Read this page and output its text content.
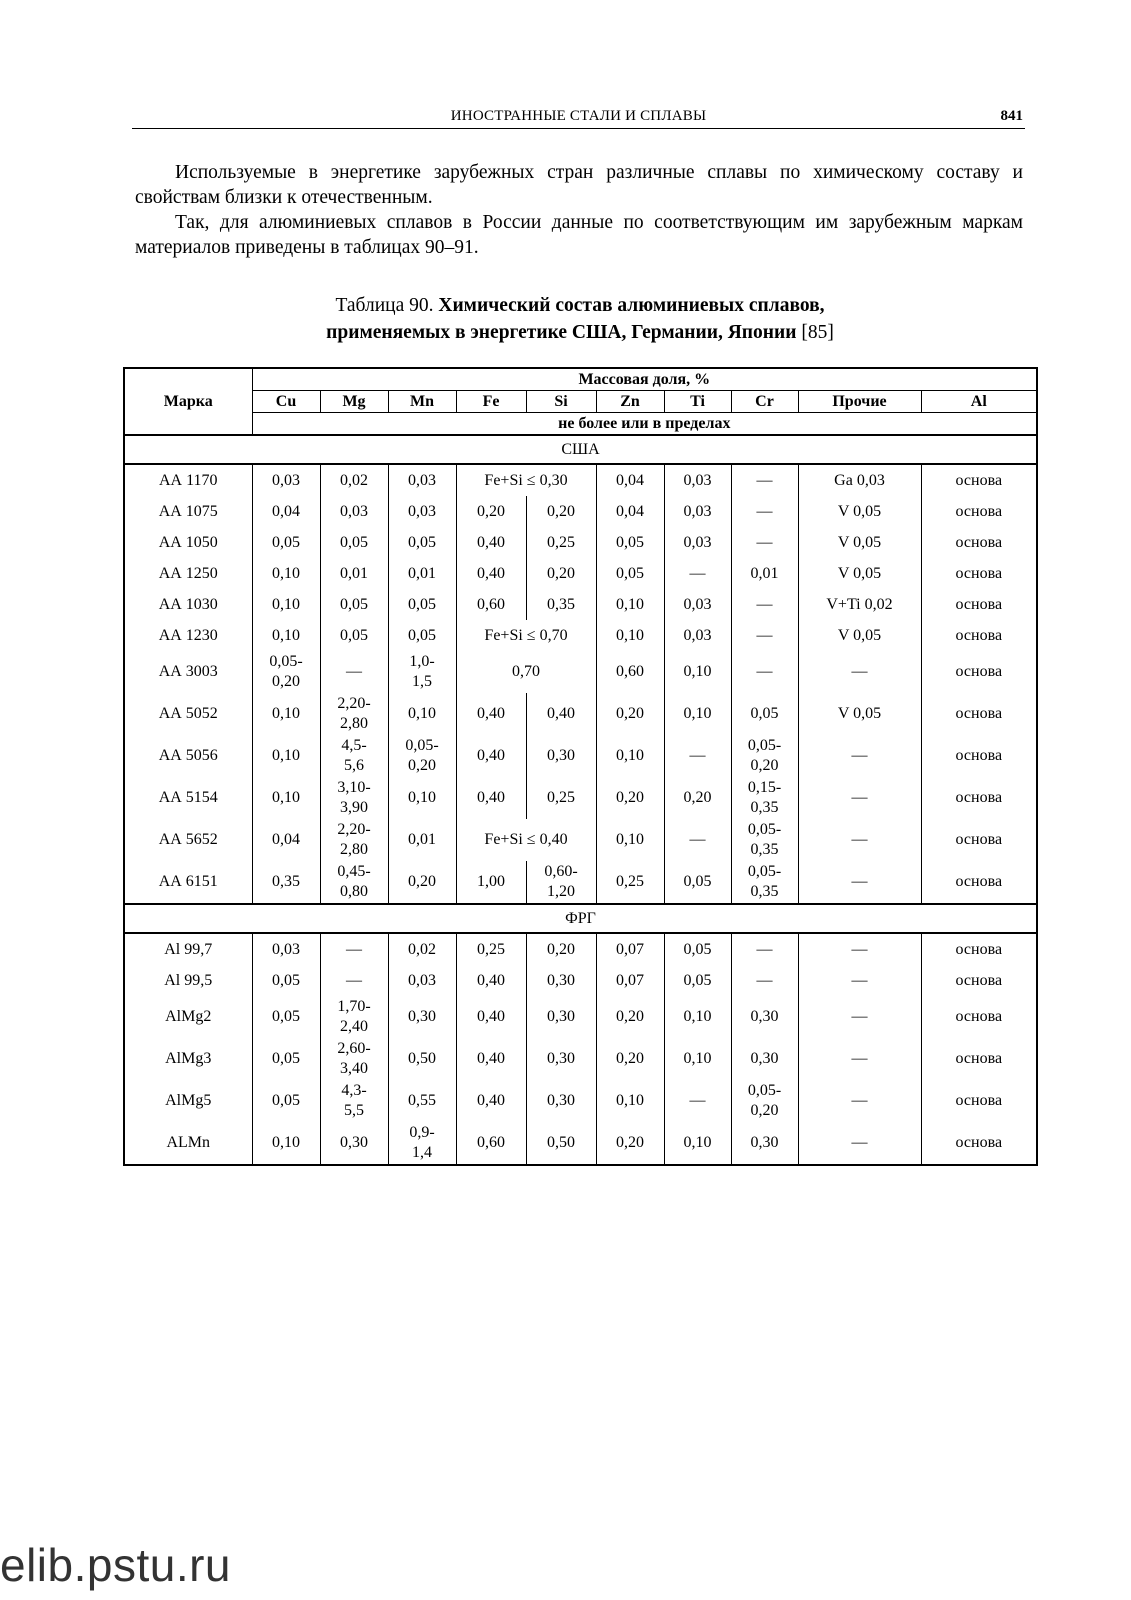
ИНОСТРАННЫЕ СТАЛИ И СПЛАВЫ	841

Используемые в энергетике зарубежных стран различные сплавы по химическому составу и свойствам близки к отечественным.

Так, для алюминиевых сплавов в России данные по соответствующим им зарубежным маркам материалов приведены в таблицах 90–91.

Таблица 90. Химический состав алюминиевых сплавов,
применяемых в энергетике США, Германии, Японии [85]
Марка	Массовая доля, %									
	Cu	Mg	Mn	Fe	Si	Zn	Ti	Cr	Прочие	Al
	не более или в пределах									
США										
АА 1170	0,03	0,02	0,03	Fe+Si ≤ 0,30		0,04	0,03	—	Ga 0,03	основа
АА 1075	0,04	0,03	0,03	0,20	0,20	0,04	0,03	—	V 0,05	основа
АА 1050	0,05	0,05	0,05	0,40	0,25	0,05	0,03	—	V 0,05	основа
АА 1250	0,10	0,01	0,01	0,40	0,20	0,05	—	0,01	V 0,05	основа
АА 1030	0,10	0,05	0,05	0,60	0,35	0,10	0,03	—	V+Ti 0,02	основа
АА 1230	0,10	0,05	0,05	Fe+Si ≤ 0,70		0,10	0,03	—	V 0,05	основа
АА 3003	0,05-
0,20	—	1,0-
1,5	0,70		0,60	0,10	—	—	основа
АА 5052	0,10	2,20-
2,80	0,10	0,40	0,40	0,20	0,10	0,05	V 0,05	основа
АА 5056	0,10	4,5-
5,6	0,05-
0,20	0,40	0,30	0,10	—	0,05-
0,20	—	основа
АА 5154	0,10	3,10-
3,90	0,10	0,40	0,25	0,20	0,20	0,15-
0,35	—	основа
АА 5652	0,04	2,20-
2,80	0,01	Fe+Si ≤ 0,40		0,10	—	0,05-
0,35	—	основа
АА 6151	0,35	0,45-
0,80	0,20	1,00	0,60-
1,20	0,25	0,05	0,05-
0,35	—	основа
ФРГ										
Al 99,7	0,03	—	0,02	0,25	0,20	0,07	0,05	—	—	основа
Al 99,5	0,05	—	0,03	0,40	0,30	0,07	0,05	—	—	основа
AlMg2	0,05	1,70-
2,40	0,30	0,40	0,30	0,20	0,10	0,30	—	основа
AlMg3	0,05	2,60-
3,40	0,50	0,40	0,30	0,20	0,10	0,30	—	основа
AlMg5	0,05	4,3-
5,5	0,55	0,40	0,30	0,10	—	0,05-
0,20	—	основа
ALMn	0,10	0,30	0,9-
1,4	0,60	0,50	0,20	0,10	0,30	—	основа
elib.pstu.ru
